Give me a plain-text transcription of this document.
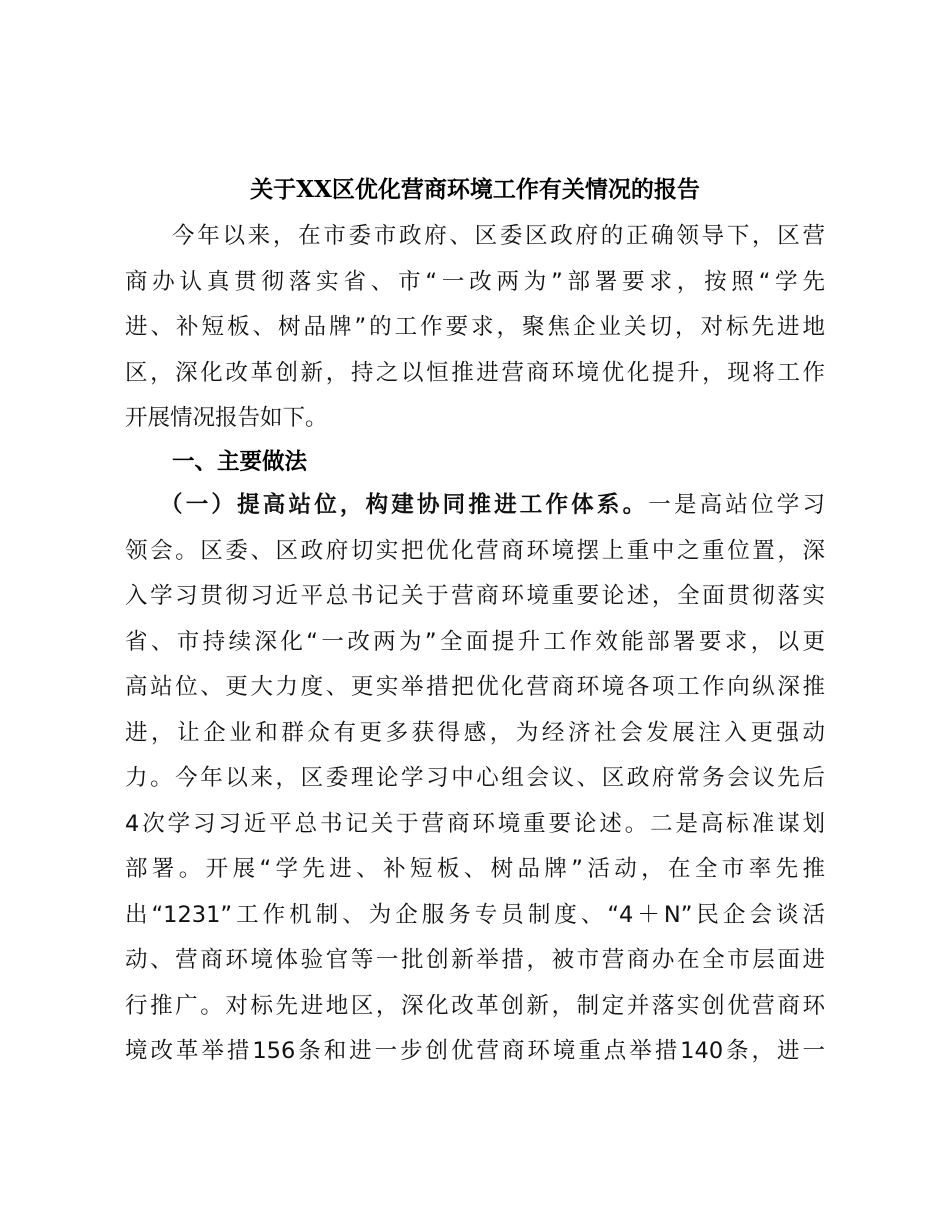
关于XX区优化营商环境工作有关情况的报告
今年以来，在市委市政府、区委区政府的正确领导下，区营
商办认真贯彻落实省、市“一改两为”部署要求，按照“学先
进、补短板、树品牌”的工作要求，聚焦企业关切，对标先进地
区，深化改革创新，持之以恒推进营商环境优化提升，现将工作
开展情况报告如下。
一、主要做法
（一）提高站位，构建协同推进工作体系。一是高站位学习
领会。区委、区政府切实把优化营商环境摆上重中之重位置，深
入学习贯彻习近平总书记关于营商环境重要论述，全面贯彻落实
省、市持续深化“一改两为”全面提升工作效能部署要求，以更
高站位、更大力度、更实举措把优化营商环境各项工作向纵深推
进，让企业和群众有更多获得感，为经济社会发展注入更强动
力。今年以来，区委理论学习中心组会议、区政府常务会议先后
4次学习习近平总书记关于营商环境重要论述。二是高标准谋划
部署。开展“学先进、补短板、树品牌”活动，在全市率先推
出“1231”工作机制、为企服务专员制度、“4＋N”民企会谈活
动、营商环境体验官等一批创新举措，被市营商办在全市层面进
行推广。对标先进地区，深化改革创新，制定并落实创优营商环
境改革举措156条和进一步创优营商环境重点举措140条，进一
